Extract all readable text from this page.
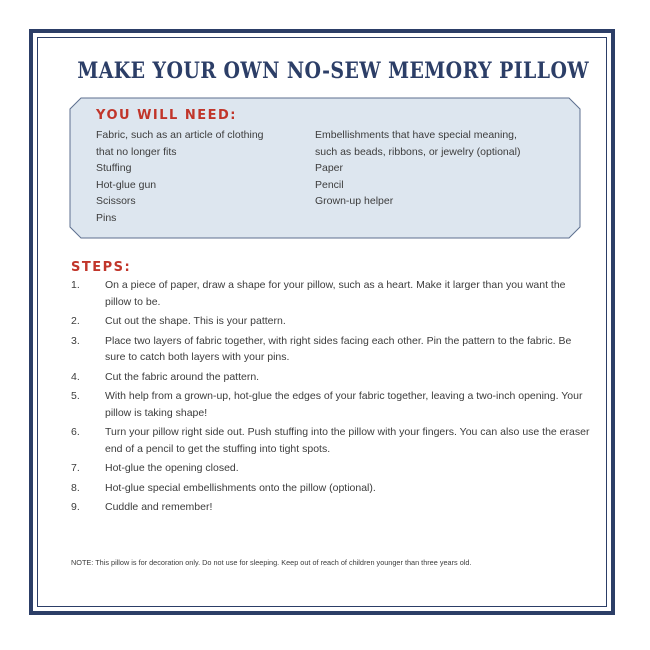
MAKE YOUR OWN NO-SEW MEMORY PILLOW
YOU WILL NEED:
Fabric, such as an article of clothing
that no longer fits
Stuffing
Hot-glue gun
Scissors
Pins
Embellishments that have special meaning,
such as beads, ribbons, or jewelry (optional)
Paper
Pencil
Grown-up helper
STEPS:
1.	On a piece of paper, draw a shape for your pillow, such as a heart. Make it larger than you want the pillow to be.
2.	Cut out the shape. This is your pattern.
3.	Place two layers of fabric together, with right sides facing each other. Pin the pattern to the fabric. Be sure to catch both layers with your pins.
4.	Cut the fabric around the pattern.
5.	With help from a grown-up, hot-glue the edges of your fabric together, leaving a two-inch opening. Your pillow is taking shape!
6.	Turn your pillow right side out. Push stuffing into the pillow with your fingers. You can also use the eraser end of a pencil to get the stuffing into tight spots.
7.	Hot-glue the opening closed.
8.	Hot-glue special embellishments onto the pillow (optional).
9.	Cuddle and remember!
NOTE: This pillow is for decoration only. Do not use for sleeping. Keep out of reach of children younger than three years old.
